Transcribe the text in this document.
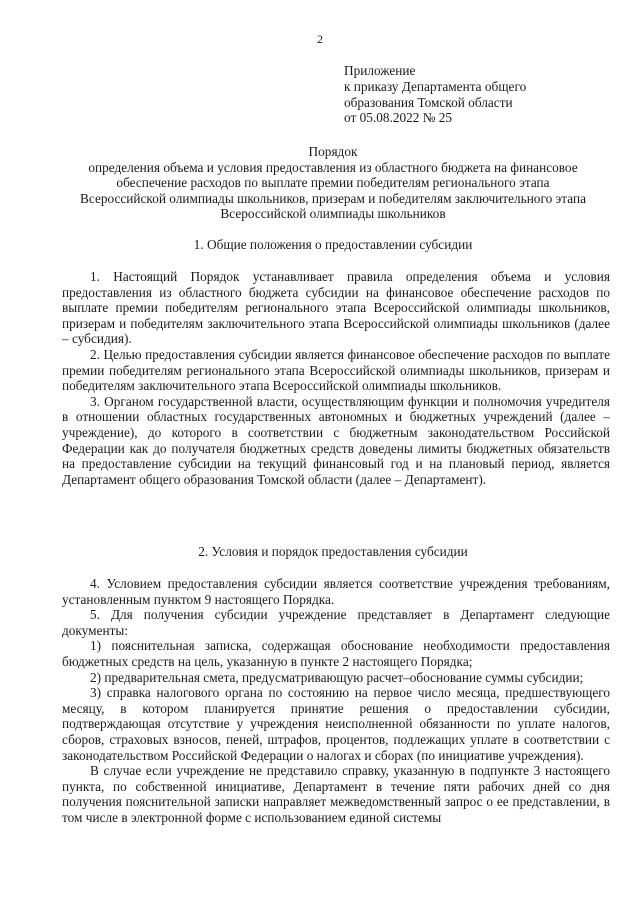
2
Приложение
к приказу Департамента общего
образования Томской области
от 05.08.2022 № 25
Порядок
определения объема и условия предоставления из областного бюджета на финансовое
обеспечение расходов по выплате премии победителям регионального этапа
Всероссийской олимпиады школьников, призерам и победителям заключительного этапа
Всероссийской олимпиады школьников
1. Общие положения о предоставлении субсидии

1. Настоящий Порядок устанавливает правила определения объема и условия предоставления из областного бюджета субсидии на финансовое обеспечение расходов по выплате премии победителям регионального этапа Всероссийской олимпиады школьников, призерам и победителям заключительного этапа Всероссийской олимпиады школьников (далее – субсидия).

2. Целью предоставления субсидии является финансовое обеспечение расходов по выплате премии победителям регионального этапа Всероссийской олимпиады школьников, призерам и победителям заключительного этапа Всероссийской олимпиады школьников.

3. Органом государственной власти, осуществляющим функции и полномочия учредителя в отношении областных государственных автономных и бюджетных учреждений (далее – учреждение), до которого в соответствии с бюджетным законодательством Российской Федерации как до получателя бюджетных средств доведены лимиты бюджетных обязательств на предоставление субсидии на текущий финансовый год и на плановый период, является Департамент общего образования Томской области (далее – Департамент).

2. Условия и порядок предоставления субсидии

4. Условием предоставления субсидии является соответствие учреждения требованиям, установленным пунктом 9 настоящего Порядка.

5. Для получения субсидии учреждение представляет в Департамент следующие документы:

1) пояснительная записка, содержащая обоснование необходимости предоставления бюджетных средств на цель, указанную в пункте 2 настоящего Порядка;

2) предварительная смета, предусматривающую расчет–обоснование суммы субсидии;

3) справка налогового органа по состоянию на первое число месяца, предшествующего месяцу, в котором планируется принятие решения о предоставлении субсидии, подтверждающая отсутствие у учреждения неисполненной обязанности по уплате налогов, сборов, страховых взносов, пеней, штрафов, процентов, подлежащих уплате в соответствии с законодательством Российской Федерации о налогах и сборах (по инициативе учреждения).

В случае если учреждение не представило справку, указанную в подпункте 3 настоящего пункта, по собственной инициативе, Департамент в течение пяти рабочих дней со дня получения пояснительной записки направляет межведомственный запрос о ее представлении, в том числе в электронной форме с использованием единой системы
